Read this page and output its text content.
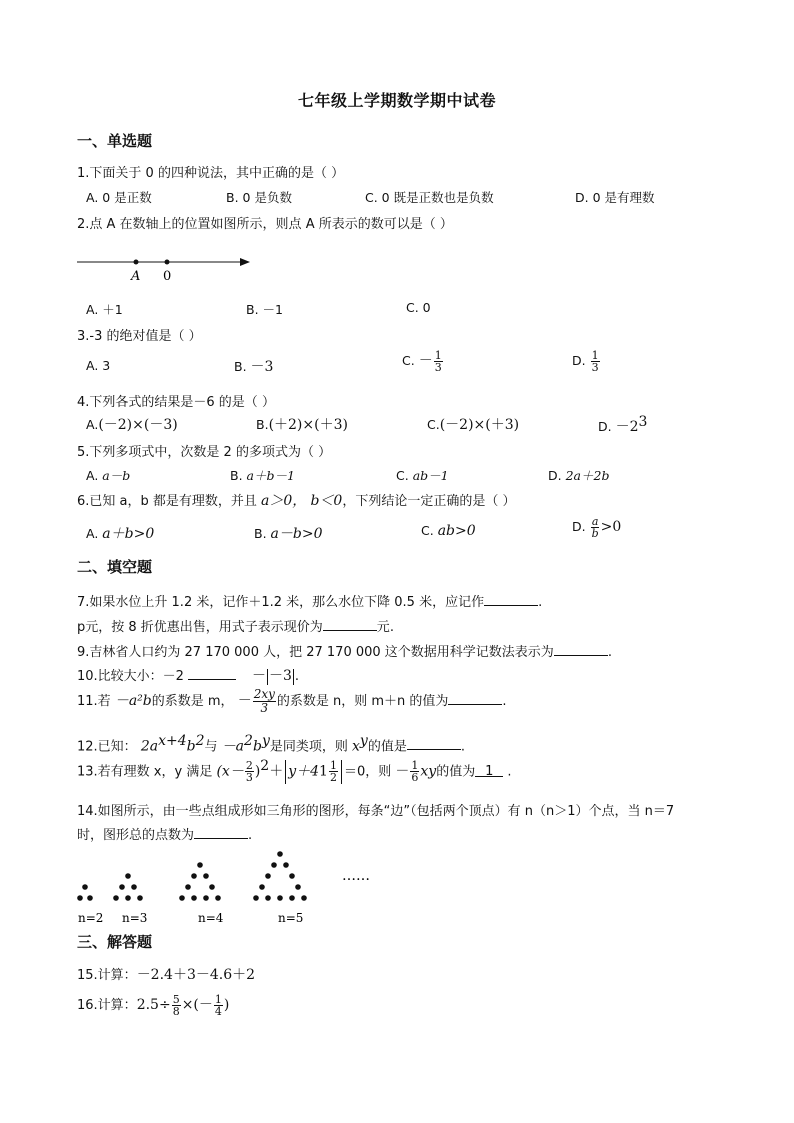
七年级上学期数学期中试卷
一、单选题
1.下面关于 0 的四种说法，其中正确的是（ ）
A. 0 是正数	B. 0 是负数	C. 0 既是正数也是负数	D. 0 是有理数
2.点 A 在数轴上的位置如图所示，则点 A 所表示的数可以是（ ）
A 0
A. ＋1	B. －1	C. 0
3.-3 的绝对值是（ ）
A. 3	B. －3	C. － $\frac{1}{3}$	D. $\frac{1}{3}$
4.下列各式的结果是－6 的是（ ）
A.(－2)×(－3)	B.(＋2)×(＋3)	C.(－2)×(＋3)	D. $-2^3$
5.下列多项式中，次数是 2 的多项式为（ ）
A. a－b	B. a＋b－1	C. ab－1	D. 2a＋2b
6.已知 a，b 都是有理数，并且 a＞0， b＜0，下列结论一定正确的是（ ）
A. a＋b>0	B. a－b>0	C. ab>0	D. $\frac{a}{b} >0$
二、填空题
7.如果水位上升 1.2 米，记作＋1.2 米，那么水位下降 0.5 米，应记作	.
p元，按 8 折优惠出售，用式子表示现价为	元.
9.吉林省人口约为 27 170 000 人，把 27 170 000 这个数据用科学记数法表示为	.
10.比较大小：－2	－ －3 .
11.若 －a²b的系数是 m， － $\frac{2xy}{3}$ 的系数是 n，则 m＋n 的值为	.
12.已知： $2a^{x+4}b^2$与 $-a^2b^y$是同类项，则 $x^y$的值是	.
13.若有理数 x，y 满足 $(x- \frac{2}{3} )^2+ y+41 \frac{1}{2} =0$，则 － $\frac{1}{6}$ xy的值为 1 .
14.如图所示，由一些点组成形如三角形的图形，每条“边”（包括两个顶点）有 n（n＞1）个点，当 n＝7
时，图形总的点数为	.
n=2 n=3	n=4	n=5
……
三、解答题
15.计算：－2.4＋3－4.6＋2
16.计算：$2.5\div \frac{5}{8}$ ×(－ $\frac{1}{4}$ )
